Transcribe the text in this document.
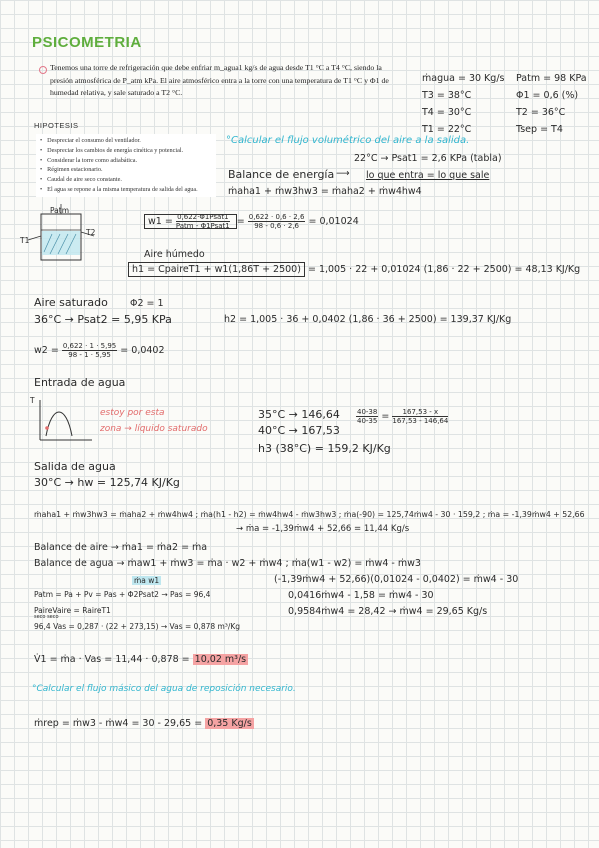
PSICOMETRIA
Tenemos una torre de refrigeración que debe enfriar m_agua1 kg/s de agua desde T1 °C a T4 °C, siendo la presión atmosférica de P_atm kPa. El aire atmosférico entra a la torre con una temperatura de T1 °C y Φ1 de humedad relativa, y sale saturado a T2 °C.
ṁagua = 30 Kg/s
T3 = 38°C
T4 = 30°C
T1 = 22°C
Patm = 98 KPa
Φ1 = 0,6 (%)
T2 = 36°C
Tsep = T4
HIPOTESIS
• Despreciar el consumo del ventilador.
• Despreciar los cambios de energía cinética y potencial.
• Considerar la torre como adiabática.
• Régimen estacionario.
• Caudal de aire seco constante.
• El agua se repone a la misma temperatura de salida del agua.
°Calcular el flujo volumétrico del aire a la salida.
22°C → Psat1 = 2,6 KPa (tabla)
Balance de energía ⟶ lo que entra = lo que sale
ṁaha1 + ṁw3hw3 = ṁaha2 + ṁw4hw4
Patm
T1
T2
$w1 = \frac{\text{0,622·Φ1Psat1}}{\text{Patm - Φ1Psat1}} = \frac{0,622 \cdot 0,6 \cdot 2,6}{98 - 0,6 \cdot 2,6} = 0,01024$
Aire húmedo
h1 = CpaireT1 + w1(1,86T + 2500) = 1,005 · 22 + 0,01024 (1,86 · 22 + 2500) = 48,13 KJ/Kg
Aire saturado Φ2 = 1
36°C → Psat2 = 5,95 KPa	h2 = 1,005 · 36 + 0,0402 (1,86 · 36 + 2500) = 139,37 KJ/Kg
$w2 = \frac{0,622 \cdot 1 \cdot 5,95}{98 - 1 \cdot 5,95} = 0,0402$
Entrada de agua
T
estoy por esta
zona → líquido saturado
35°C → 146,64
40°C → 167,53
h3 (38°C) = 159,2 KJ/Kg
$\frac{40-38}{40-35} = \frac{167,53 - x}{167,53 - 146,64}$
Salida de agua
30°C → hw = 125,74 KJ/Kg
ṁaha1 + ṁw3hw3 = ṁaha2 + ṁw4hw4 ; ṁa(h1 - h2) = ṁw4hw4 - ṁw3hw3 ; ṁa(-90) = 125,74ṁw4 - 30 · 159,2 ; ṁa = -1,39ṁw4 + 52,66
→ ṁa = -1,39ṁw4 + 52,66 = 11,44 Kg/s
Balance de aire → ṁa1 = ṁa2 = ṁa
Balance de agua → ṁaw1 + ṁw3 = ṁa · w2 + ṁw4 ; ṁa(w1 - w2) = ṁw4 - ṁw3
ṁa w1	(-1,39ṁw4 + 52,66)(0,01024 - 0,0402) = ṁw4 - 30
0,0416ṁw4 - 1,58 = ṁw4 - 30
0,9584ṁw4 = 28,42 → ṁw4 = 29,65 Kg/s
Patm = Pa + Pv = Pas + Φ2Psat2 → Pas = 96,4
PaireVaire = RaireT1
seco seco
96,4 Vas = 0,287 · (22 + 273,15) → Vas = 0,878 m³/Kg
V̇1 = ṁa · Vas = 11,44 · 0,878 = 10,02 m³/s
°Calcular el flujo másico del agua de reposición necesario.
ṁrep = ṁw3 - ṁw4 = 30 - 29,65 = 0,35 Kg/s
